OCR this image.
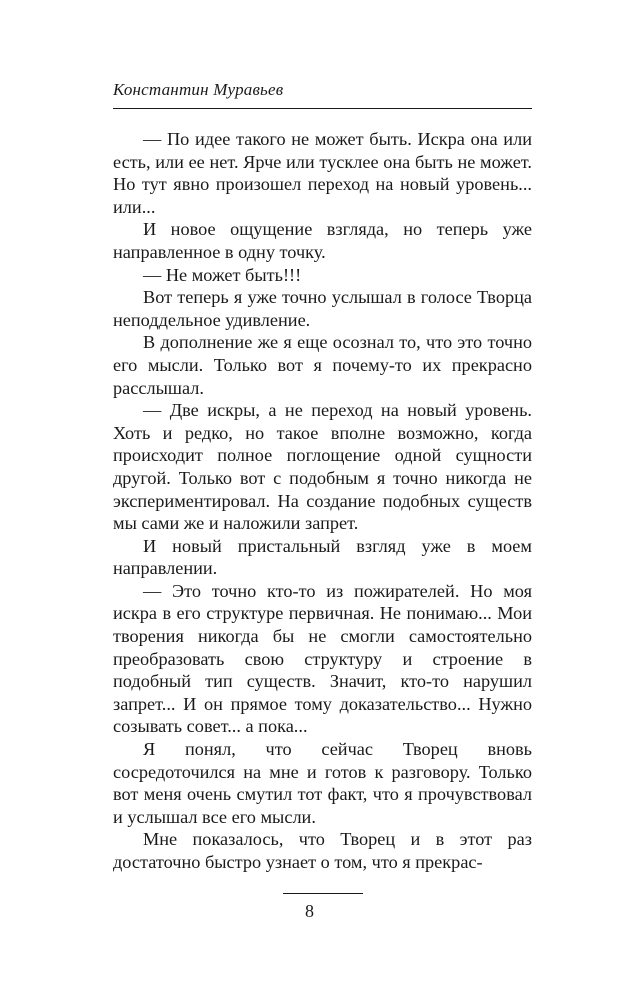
Константин Муравьев

— По идее такого не может быть. Искра она или есть, или ее нет. Ярче или тусклее она быть не может. Но тут явно произошел переход на новый уровень... или...

И новое ощущение взгляда, но теперь уже направленное в одну точку.

— Не может быть!!!

Вот теперь я уже точно услышал в голосе Творца неподдельное удивление.

В дополнение же я еще осознал то, что это точно его мысли. Только вот я почему-то их прекрасно расслышал.

— Две искры, а не переход на новый уровень. Хоть и редко, но такое вполне возможно, когда происходит полное поглощение одной сущности другой. Только вот с подобным я точно никогда не экспериментировал. На создание подобных существ мы сами же и наложили запрет.

И новый пристальный взгляд уже в моем направлении.

— Это точно кто-то из пожирателей. Но моя искра в его структуре первичная. Не понимаю... Мои творения никогда бы не смогли самостоятельно преобразовать свою структуру и строение в подобный тип существ. Значит, кто-то нарушил запрет... И он прямое тому доказательство... Нужно созывать совет... а пока...

Я понял, что сейчас Творец вновь сосредоточился на мне и готов к разговору. Только вот меня очень смутил тот факт, что я прочувствовал и услышал все его мысли.

Мне показалось, что Творец и в этот раз достаточно быстро узнает о том, что я прекрас-

8
